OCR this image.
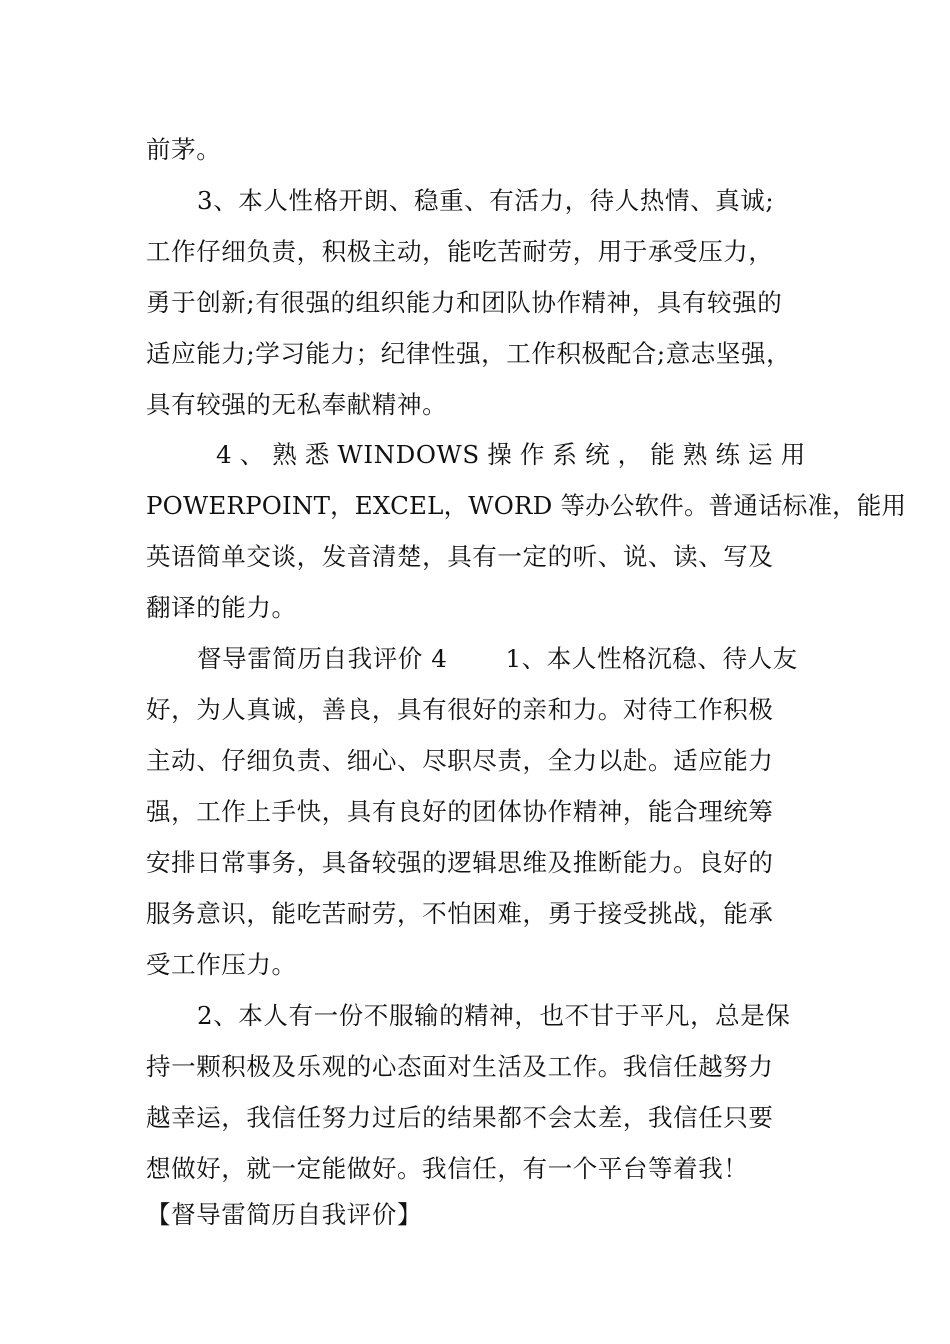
前茅。
3、本人性格开朗、稳重、有活力，待人热情、真诚;
工作仔细负责，积极主动，能吃苦耐劳，用于承受压力，
勇于创新;有很强的组织能力和团队协作精神，具有较强的
适应能力;学习能力；纪律性强，工作积极配合;意志坚强，
具有较强的无私奉献精神。
4 、 熟 悉 WINDOWS 操 作 系 统 ， 能 熟 练 运 用
POWERPOINT，EXCEL，WORD 等办公软件。普通话标准，能用
英语简单交谈，发音清楚，具有一定的听、说、读、写及
翻译的能力。
督导雷简历自我评价 4 1、本人性格沉稳、待人友
好，为人真诚，善良，具有很好的亲和力。对待工作积极
主动、仔细负责、细心、尽职尽责，全力以赴。适应能力
强，工作上手快，具有良好的团体协作精神，能合理统筹
安排日常事务，具备较强的逻辑思维及推断能力。良好的
服务意识，能吃苦耐劳，不怕困难，勇于接受挑战，能承
受工作压力。
2、本人有一份不服输的精神，也不甘于平凡，总是保
持一颗积极及乐观的心态面对生活及工作。我信任越努力
越幸运，我信任努力过后的结果都不会太差，我信任只要
想做好，就一定能做好。我信任，有一个平台等着我！
【督导雷简历自我评价】
